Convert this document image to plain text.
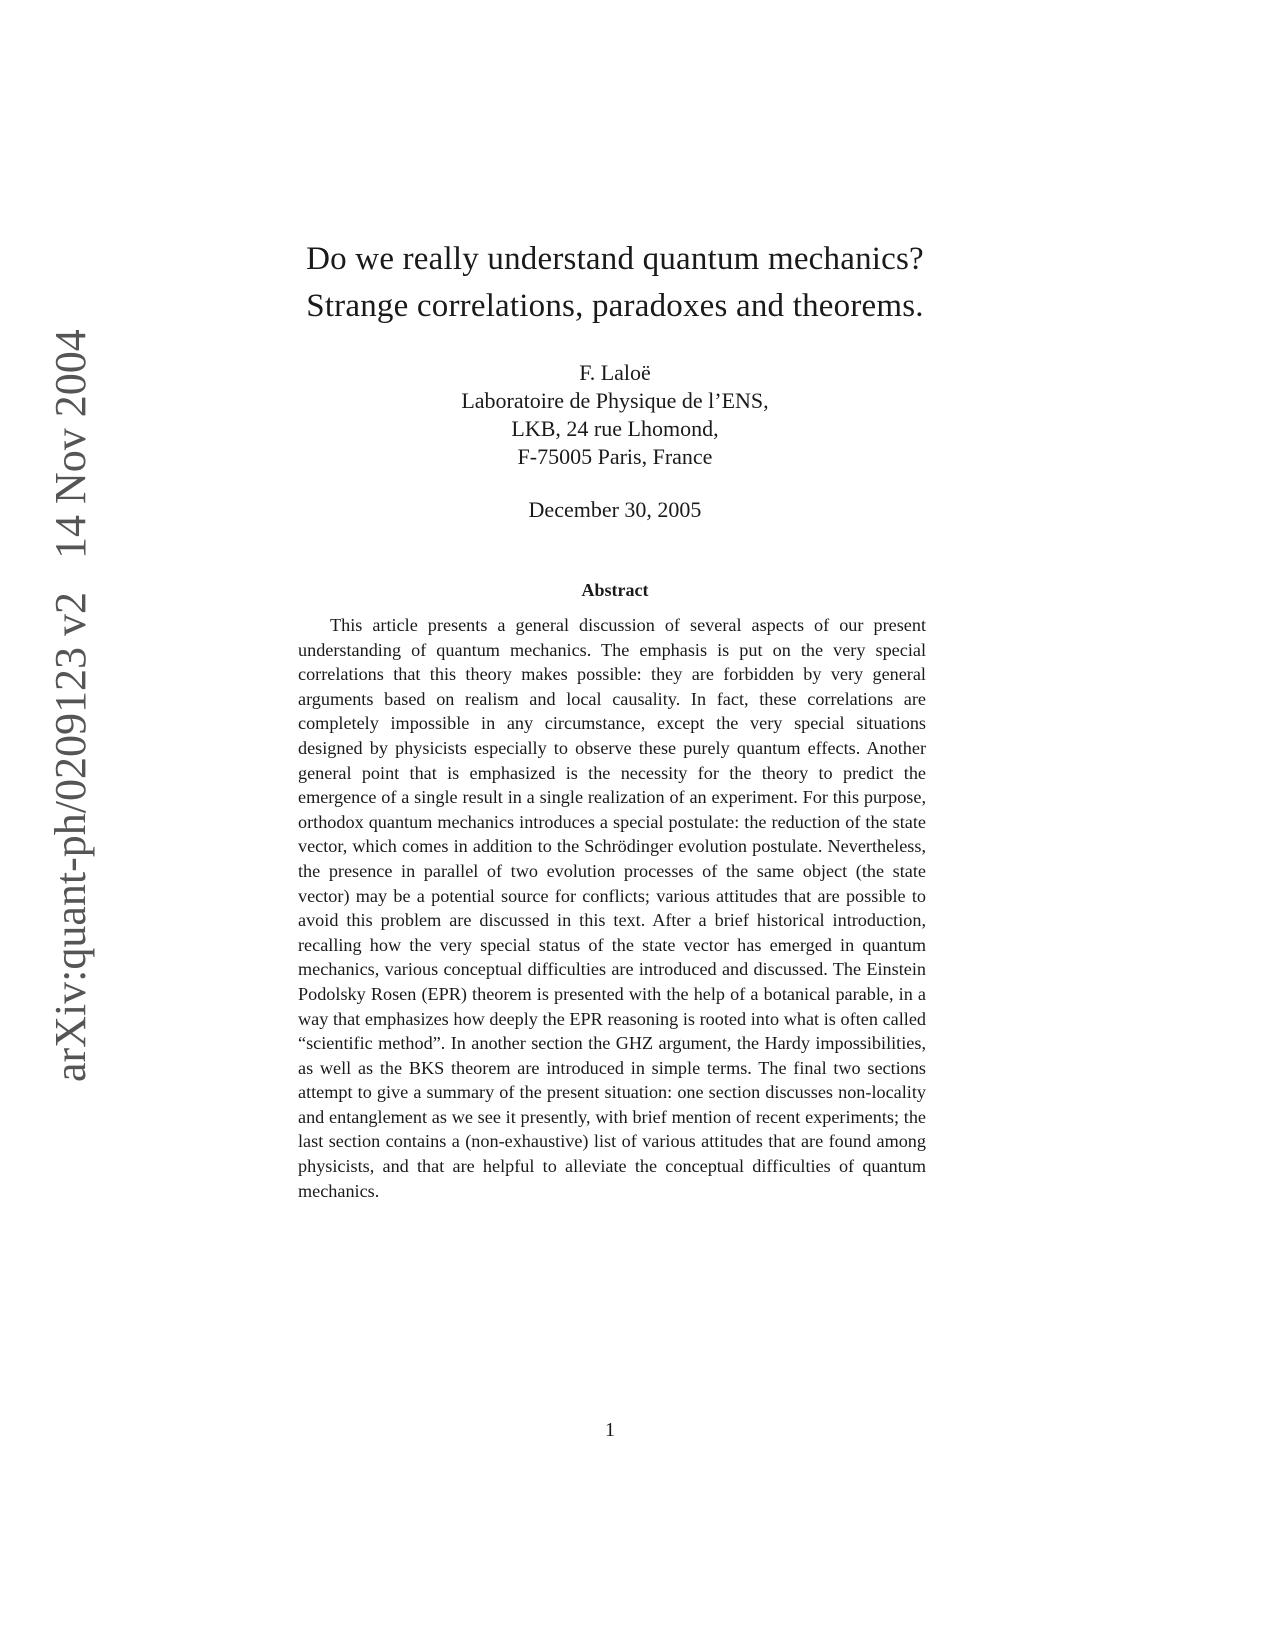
arXiv:quant-ph/0209123 v2   14 Nov 2004
Do we really understand quantum mechanics?
Strange correlations, paradoxes and theorems.
F. Laloë
Laboratoire de Physique de l’ENS,
LKB, 24 rue Lhomond,
F-75005 Paris, France
December 30, 2005
Abstract

This article presents a general discussion of several aspects of our present understanding of quantum mechanics. The emphasis is put on the very special correlations that this theory makes possible: they are forbidden by very general arguments based on realism and local causality. In fact, these correlations are completely impossible in any circumstance, except the very special situations designed by physicists especially to observe these purely quantum effects. Another general point that is emphasized is the necessity for the theory to predict the emergence of a single result in a single realization of an experiment. For this purpose, orthodox quantum mechanics introduces a special postulate: the reduction of the state vector, which comes in addition to the Schrödinger evolution postulate. Nevertheless, the presence in parallel of two evolution processes of the same object (the state vector) may be a potential source for conflicts; various attitudes that are possible to avoid this problem are discussed in this text. After a brief historical introduction, recalling how the very special status of the state vector has emerged in quantum mechanics, various conceptual difficulties are introduced and discussed. The Einstein Podolsky Rosen (EPR) theorem is presented with the help of a botanical parable, in a way that emphasizes how deeply the EPR reasoning is rooted into what is often called “scientific method”. In another section the GHZ argument, the Hardy impossibilities, as well as the BKS theorem are introduced in simple terms. The final two sections attempt to give a summary of the present situation: one section discusses non-locality and entanglement as we see it presently, with brief mention of recent experiments; the last section contains a (non-exhaustive) list of various attitudes that are found among physicists, and that are helpful to alleviate the conceptual difficulties of quantum mechanics.

1
